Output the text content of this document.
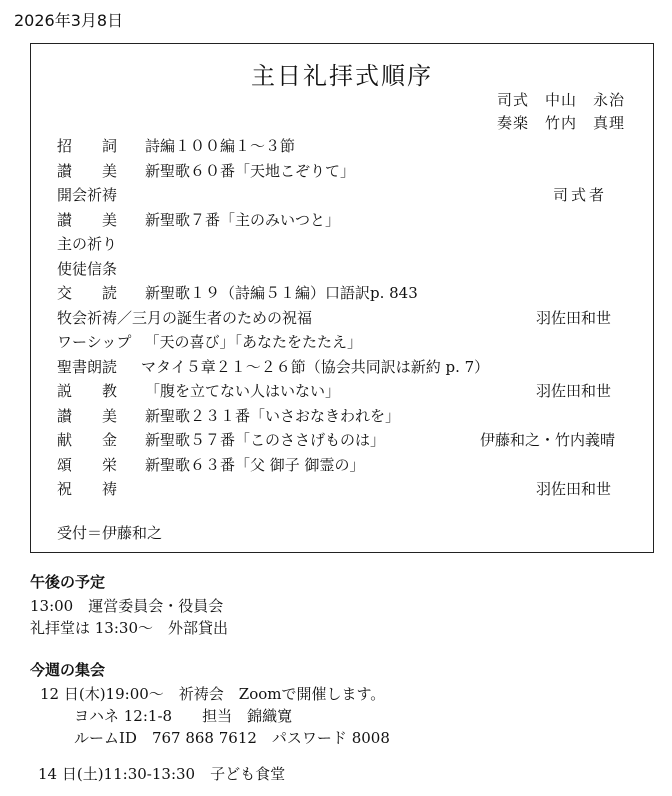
2026年3月8日
主日礼拝式順序
司式　中山　永治
奏楽　竹内　真理
招　　詞 詩編１００編１～３節
讃　　美 新聖歌６０番「天地こぞりて」
開会祈祷	司式者
讃　　美 新聖歌７番「主のみいつと」
主の祈り
使徒信条
交　　読 新聖歌１９（詩編５１編）口語訳p. 843
牧会祈祷／三月の誕生者のための祝福	羽佐田和世
ワーシップ 　「天の喜び」「あなたをたたえ」
聖書朗読 マタイ５章２１～２６節（協会共同訳は新約 p. 7）
説　　教 「腹を立てない人はいない」	羽佐田和世
讃　　美 新聖歌２３１番「いさおなきわれを」
献　　金 新聖歌５７番「このささげものは」	伊藤和之・竹内義晴
頌　　栄 新聖歌６３番「父 御子 御霊の」
祝　　祷	羽佐田和世
受付＝伊藤和之
午後の予定
13:00　運営委員会・役員会
礼拝堂は 13:30～　外部貸出
今週の集会
12 日(木)19:00～　祈祷会　Zoomで開催します。
ヨハネ 12:1-8　　担当　錦織寛
ルームID　767 868 7612　パスワード 8008
14 日(土)11:30-13:30　子ども食堂
